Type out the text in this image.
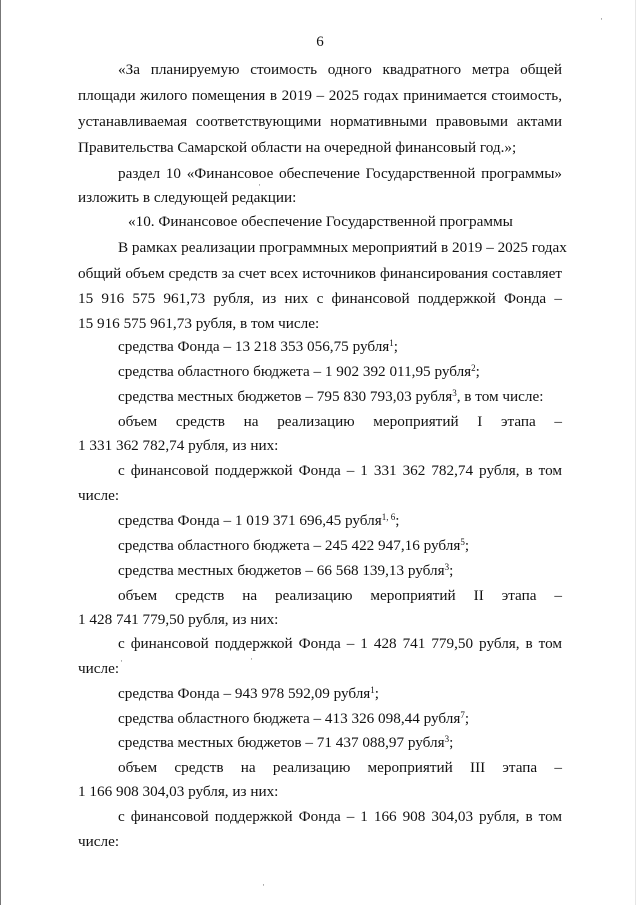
6
«За планируемую стоимость одного квадратного метра общей
площади жилого помещения в 2019 – 2025 годах принимается стоимость,
устанавливаемая соответствующими нормативными правовыми актами
Правительства Самарской области на очередной финансовый год.»;
раздел 10 «Финансовое обеспечение Государственной программы»
изложить в следующей редакции:
«10. Финансовое обеспечение Государственной программы
В рамках реализации программных мероприятий в 2019 – 2025 годах
общий объем средств за счет всех источников финансирования составляет
15 916 575 961,73 рубля, из них с финансовой поддержкой Фонда –
15 916 575 961,73 рубля, в том числе:
средства Фонда – 13 218 353 056,75 рубля$^1$;
средства областного бюджета – 1 902 392 011,95 рубля$^2$;
средства местных бюджетов – 795 830 793,03 рубля$^3$, в том числе:
объем средств на реализацию мероприятий I этапа –
1 331 362 782,74 рубля, из них:
с финансовой поддержкой Фонда – 1 331 362 782,74 рубля, в том
числе:
средства Фонда – 1 019 371 696,45 рубля$^{1, 6}$;
средства областного бюджета – 245 422 947,16 рубля$^5$;
средства местных бюджетов – 66 568 139,13 рубля$^3$;
объем средств на реализацию мероприятий II этапа –
1 428 741 779,50 рубля, из них:
с финансовой поддержкой Фонда – 1 428 741 779,50 рубля, в том
числе:
средства Фонда – 943 978 592,09 рубля$^1$;
средства областного бюджета – 413 326 098,44 рубля$^7$;
средства местных бюджетов – 71 437 088,97 рубля$^3$;
объем средств на реализацию мероприятий III этапа –
1 166 908 304,03 рубля, из них:
с финансовой поддержкой Фонда – 1 166 908 304,03 рубля, в том
числе:
·
·
·
·
·
